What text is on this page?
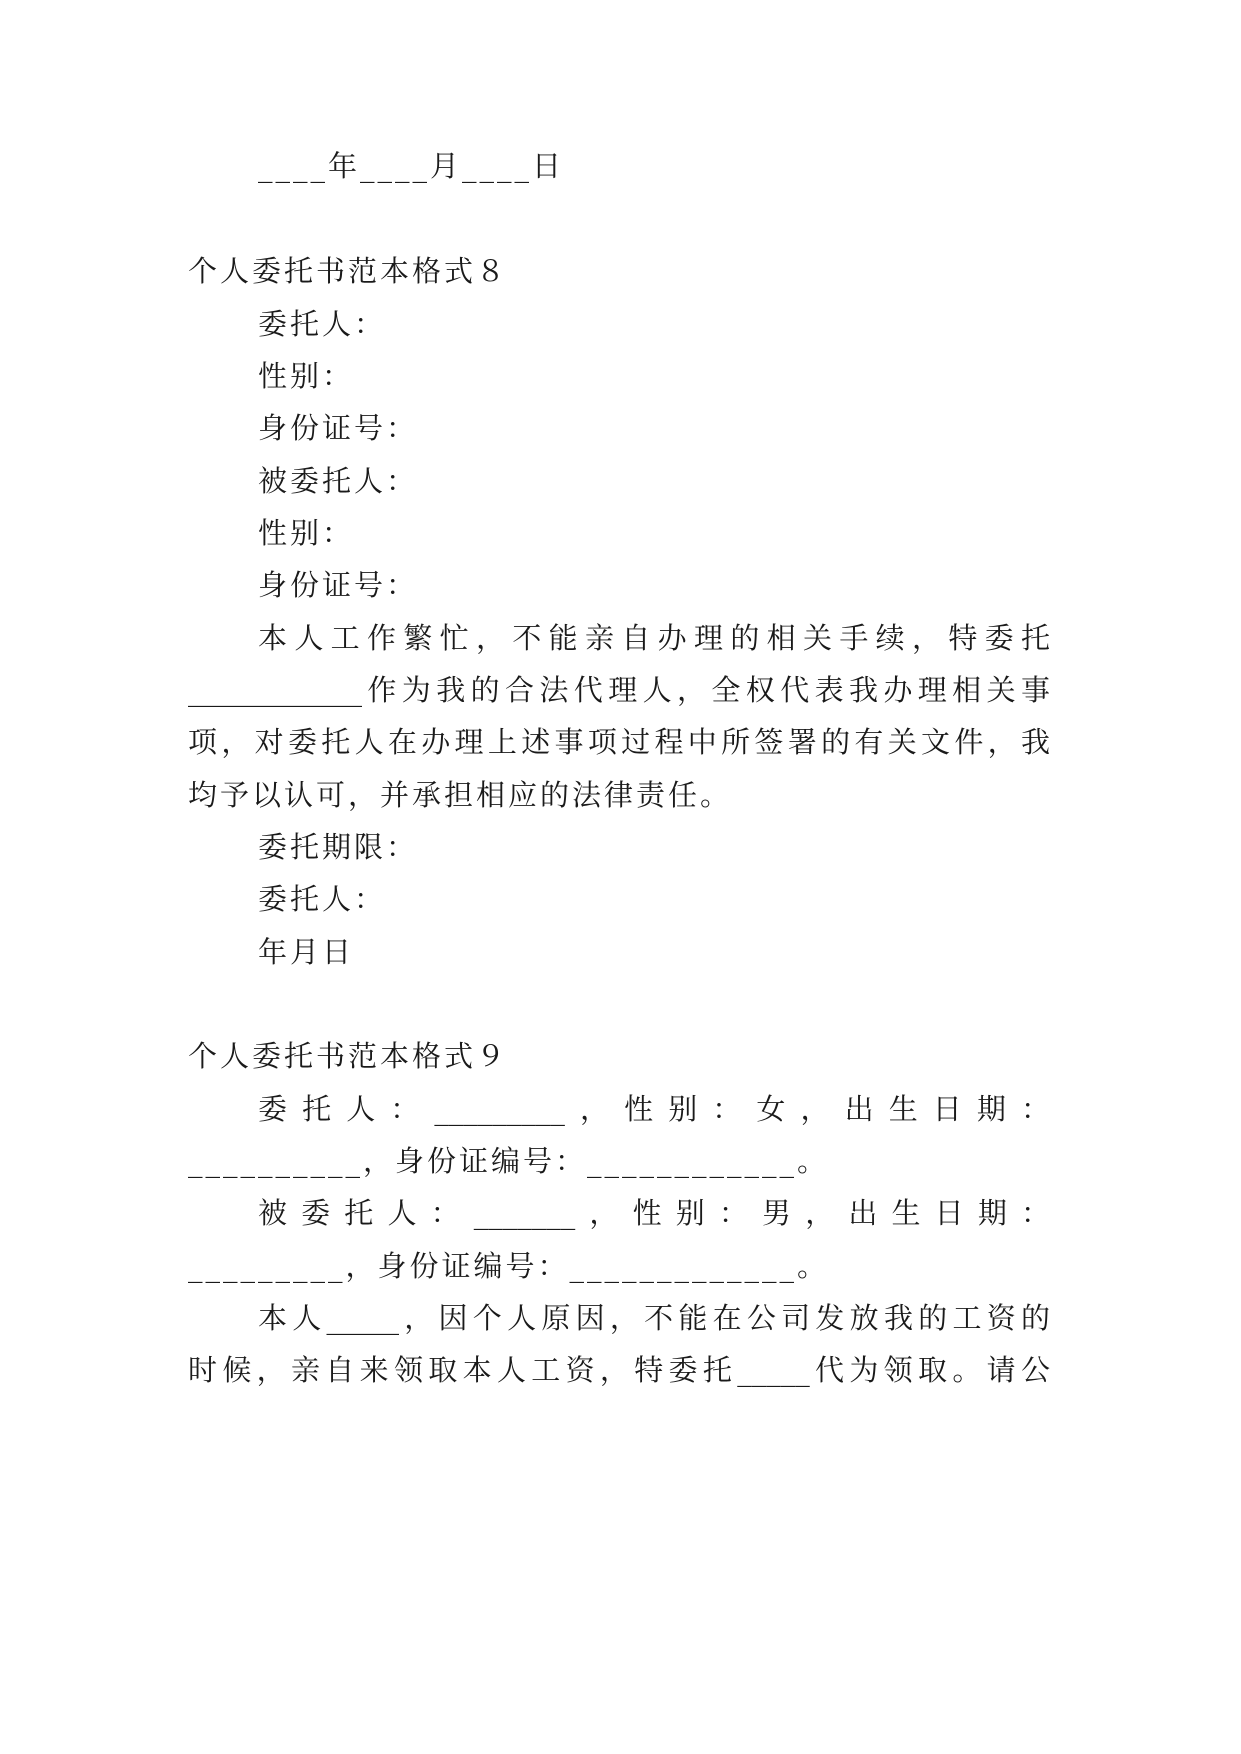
____年____月____日
个人委托书范本格式８
委托人：
性别：
身份证号：
被委托人：
性别：
身份证号：
本人工作繁忙，不能亲自办理的相关手续，特委托
____________作为我的合法代理人，全权代表我办理相关事
项，对委托人在办理上述事项过程中所签署的有关文件，我
均予以认可，并承担相应的法律责任。
委托期限：
委托人：
年月日
个人委托书范本格式９
委托人：_________，性别：女，出生日期：
__________，身份证编号：____________。
被委托人：_______，性别：男，出生日期：
_________，身份证编号：_____________。
本人_____，因个人原因，不能在公司发放我的工资的
时候，亲自来领取本人工资，特委托_____代为领取。请公
